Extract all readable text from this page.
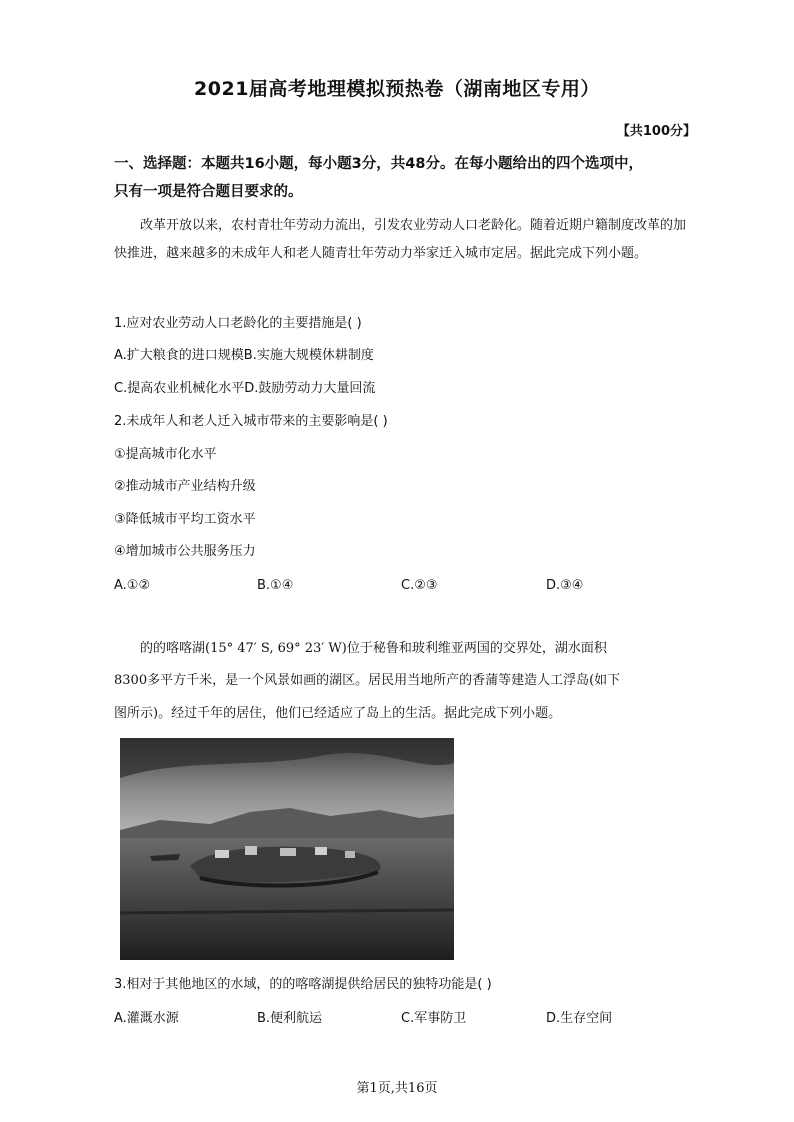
2021届高考地理模拟预热卷（湖南地区专用）
【共100分】
一、选择题：本题共16小题，每小题3分，共48分。在每小题给出的四个选项中，
只有一项是符合题目要求的。

改革开放以来，农村青壮年劳动力流出，引发农业劳动人口老龄化。随着近期户籍制度改革的加快推进，越来越多的未成年人和老人随青壮年劳动力举家迁入城市定居。据此完成下列小题。

1.应对农业劳动人口老龄化的主要措施是( )
A.扩大粮食的进口规模B.实施大规模休耕制度
C.提高农业机械化水平D.鼓励劳动力大量回流
2.未成年人和老人迁入城市带来的主要影响是( )
①提高城市化水平
②推动城市产业结构升级
③降低城市平均工资水平
④增加城市公共服务压力
A.①②	B.①④	C.②③	D.③④
的的喀喀湖(15° 47′ S, 69° 23′ W)位于秘鲁和玻利维亚两国的交界处，湖水面积
8300多平方千米，是一个风景如画的湖区。居民用当地所产的香蒲等建造人工浮岛(如下
图所示)。经过千年的居住，他们已经适应了岛上的生活。据此完成下列小题。
3.相对于其他地区的水域，的的喀喀湖提供给居民的独特功能是( )
A.灌溉水源	B.便利航运	C.军事防卫	D.生存空间
第1页,共16页
